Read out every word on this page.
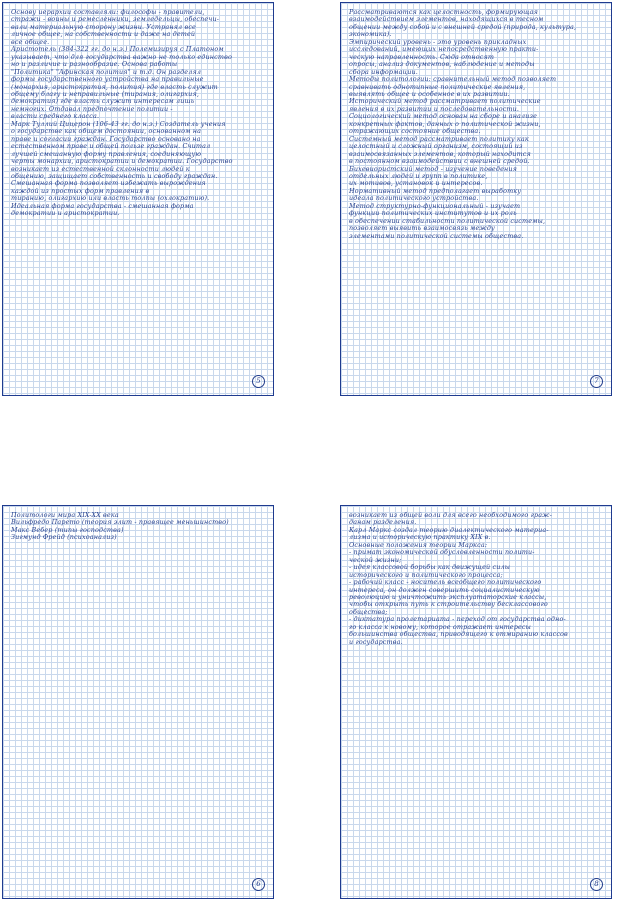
Основу иерархии составляли: философы - правители,
стражи - воины и ремесленники, земледельцы, обеспечи-
вали материальную сторону жизни. Устранял все
личное общее, на собственности и даже на детей
все общее.
Аристотель (384-322 гг. до н.э.) Полемизируя с Платоном
указывает, что для государства важно не только единство
но и различие и разнообразие. Основа работы
"Политика" "Афинская полития" и т.д. Он разделял
формы государственного устройства на правильные
(монархия, аристократия, полития) где власть служит
общему благу и неправильные (тирания, олигархия,
демократия) где власть служит интересам лишь
немногих. Отдавал предпочтение политии -
власти среднего класса.
Марк Туллий Цицерон (106-43 гг. до н.э.) Создатель учения
о государстве как общем достоянии, основанном на
праве и согласии граждан. Государство основано на
естественном праве и общей пользе граждан. Считал
лучшей смешанную форму правления, соединяющую
черты монархии, аристократии и демократии. Государство
возникает из естественной склонности людей к
общению, защищает собственность и свободу граждан.
Смешанная форма позволяет избежать вырождения
каждой из простых форм правления в
тиранию, олигархию или власть толпы (охлократию).
Идеальная форма государства - смешанная форма
демократии и аристократии.
5
Рассматриваются как целостность, формирующая
взаимодействием элементов, находящихся в тесном
общении между собой и с внешней средой (природа, культура,
экономика).
Эмпирический уровень - это уровень прикладных
исследований, имеющих непосредственную практи-
ческую направленность. Сюда относят
опросы, анализ документов, наблюдение и методы
сбора информации.
Методы политологии: сравнительный метод позволяет
сравнивать однотипные политические явления,
выявлять общее и особенное в их развитии.
Исторический метод рассматривает политические
явления в их развитии и последовательности.
Социологический метод основан на сборе и анализе
конкретных фактов, данных о политической жизни,
отражающих состояние общества.
Системный метод рассматривает политику как
целостный и сложный организм, состоящий из
взаимосвязанных элементов, который находится
в постоянном взаимодействии с внешней средой.
Бихевиористский метод - изучение поведения
отдельных людей и групп в политике,
их мотивов, установок и интересов.
Нормативный метод предполагает выработку
идеала политического устройства.
Метод структурно-функциональный - изучает
функции политических институтов и их роль
в обеспечении стабильности политической системы,
позволяет выявить взаимосвязь между
элементами политической системы общества.
7
Политологи мира XIX-XX века
Вильфредо Парето (теория элит - правящее меньшинство)
Макс Вебер (типы господства)
Зигмунд Фрейд (психоанализ)
6
возникает из общей воли для всего необходимого граж-
данам разделения.
Карл Маркс создал теорию диалектического материа-
лизма и историческую практику XIX в.
Основные положения теории Маркса:
- примат экономической обусловленности полити-
ческой жизни;
- идея классовой борьбы как движущей силы
исторического и политического процесса;
- рабочий класс - носитель всеобщего политического
интереса, он должен совершить социалистическую
революцию и уничтожить эксплуататорские классы,
чтобы открыть путь к строительству бесклассового
общества;
- диктатура пролетариата - переход от государства одно-
го класса к новому, которое отражает интересы
большинства общества, приводящего к отмиранию классов
и государства.
8
